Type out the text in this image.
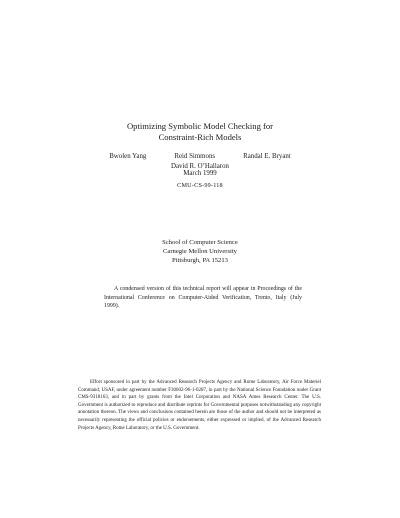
Optimizing Symbolic Model Checking for
Constraint-Rich Models
Bwolen Yang	Reid Simmons	Randal E. Bryant
David R. O’Hallaron
March 1999
CMU-CS-99-118
School of Computer Science
Carnegie Mellon University
Pittsburgh, PA 15213
A condensed version of this technical report will appear in Proceedings of the International Conference on Computer-Aided Verification, Trento, Italy (July 1999).
Effort sponsored in part by the Advanced Research Projects Agency and Rome Laboratory, Air Force Materiel Command, USAF, under agreement number F30602-96-1-0287, in part by the National Science Foundation under Grant CMS-9318163, and in part by grants from the Intel Corporation and NASA Ames Research Center. The U.S. Government is authorized to reproduce and distribute reprints for Governmental purposes notwithstanding any copyright annotation thereon. The views and conclusions contained herein are those of the author and should not be interpreted as necessarily representing the official policies or endorsements, either expressed or implied, of the Advanced Research Projects Agency, Rome Laboratory, or the U.S. Government.
